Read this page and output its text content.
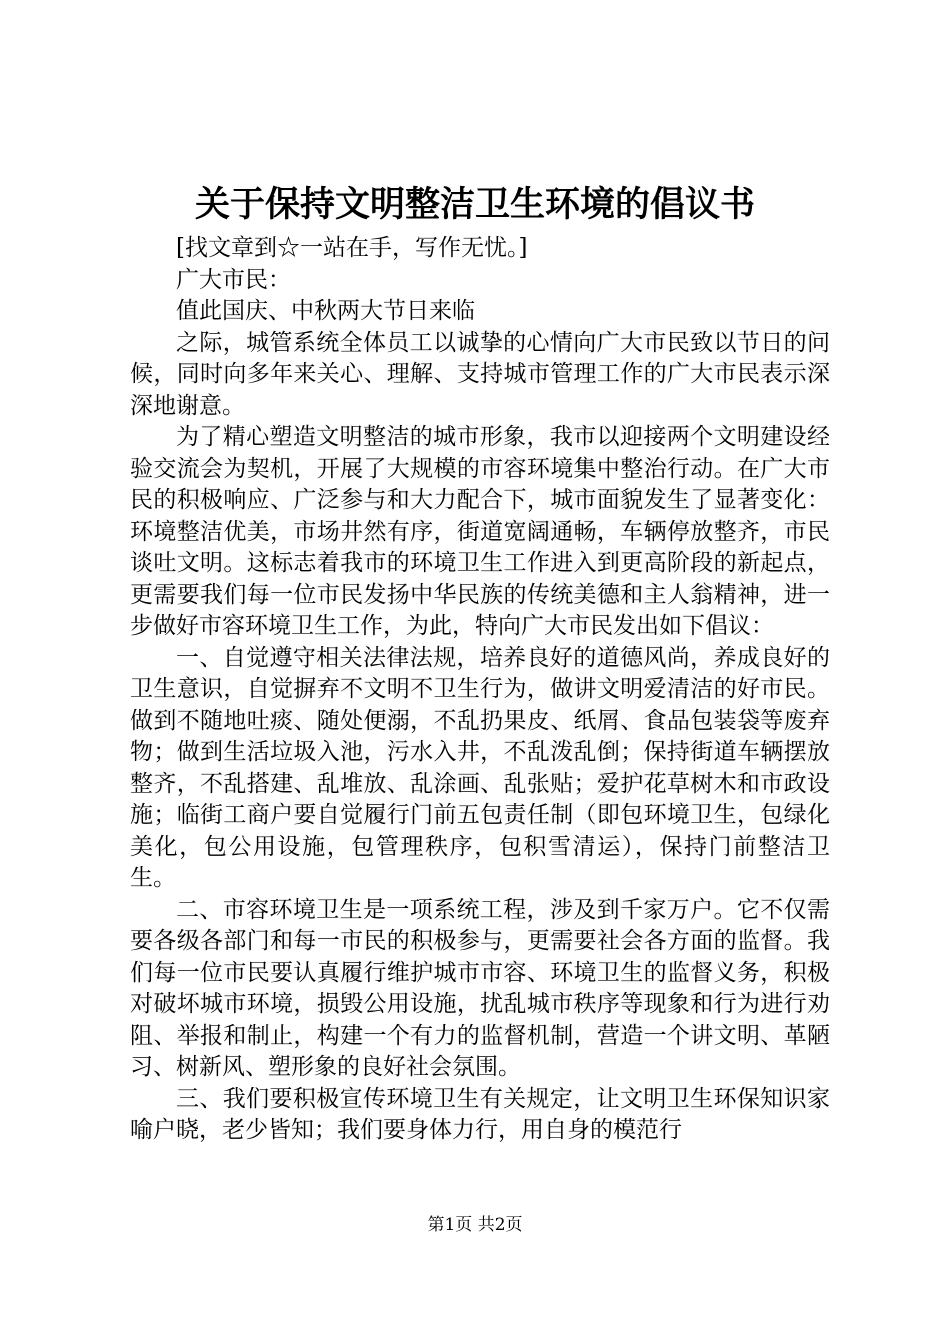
关于保持文明整洁卫生环境的倡议书

[找文章到☆一站在手，写作无忧。]

广大市民：

值此国庆、中秋两大节日来临

之际，城管系统全体员工以诚挚的心情向广大市民致以节日的问候，同时向多年来关心、理解、支持城市管理工作的广大市民表示深深地谢意。

为了精心塑造文明整洁的城市形象，我市以迎接两个文明建设经验交流会为契机，开展了大规模的市容环境集中整治行动。在广大市民的积极响应、广泛参与和大力配合下，城市面貌发生了显著变化：环境整洁优美，市场井然有序，街道宽阔通畅，车辆停放整齐，市民谈吐文明。这标志着我市的环境卫生工作进入到更高阶段的新起点，更需要我们每一位市民发扬中华民族的传统美德和主人翁精神，进一步做好市容环境卫生工作，为此，特向广大市民发出如下倡议：

一、自觉遵守相关法律法规，培养良好的道德风尚，养成良好的卫生意识，自觉摒弃不文明不卫生行为，做讲文明爱清洁的好市民。做到不随地吐痰、随处便溺，不乱扔果皮、纸屑、食品包装袋等废弃物；做到生活垃圾入池，污水入井，不乱泼乱倒；保持街道车辆摆放整齐，不乱搭建、乱堆放、乱涂画、乱张贴；爱护花草树木和市政设施；临街工商户要自觉履行门前五包责任制（即包环境卫生，包绿化美化，包公用设施，包管理秩序，包积雪清运），保持门前整洁卫生。

二、市容环境卫生是一项系统工程，涉及到千家万户。它不仅需要各级各部门和每一市民的积极参与，更需要社会各方面的监督。我们每一位市民要认真履行维护城市市容、环境卫生的监督义务，积极对破坏城市环境，损毁公用设施，扰乱城市秩序等现象和行为进行劝阻、举报和制止，构建一个有力的监督机制，营造一个讲文明、革陋习、树新风、塑形象的良好社会氛围。

三、我们要积极宣传环境卫生有关规定，让文明卫生环保知识家喻户晓，老少皆知；我们要身体力行，用自身的模范行

第1页 共2页
